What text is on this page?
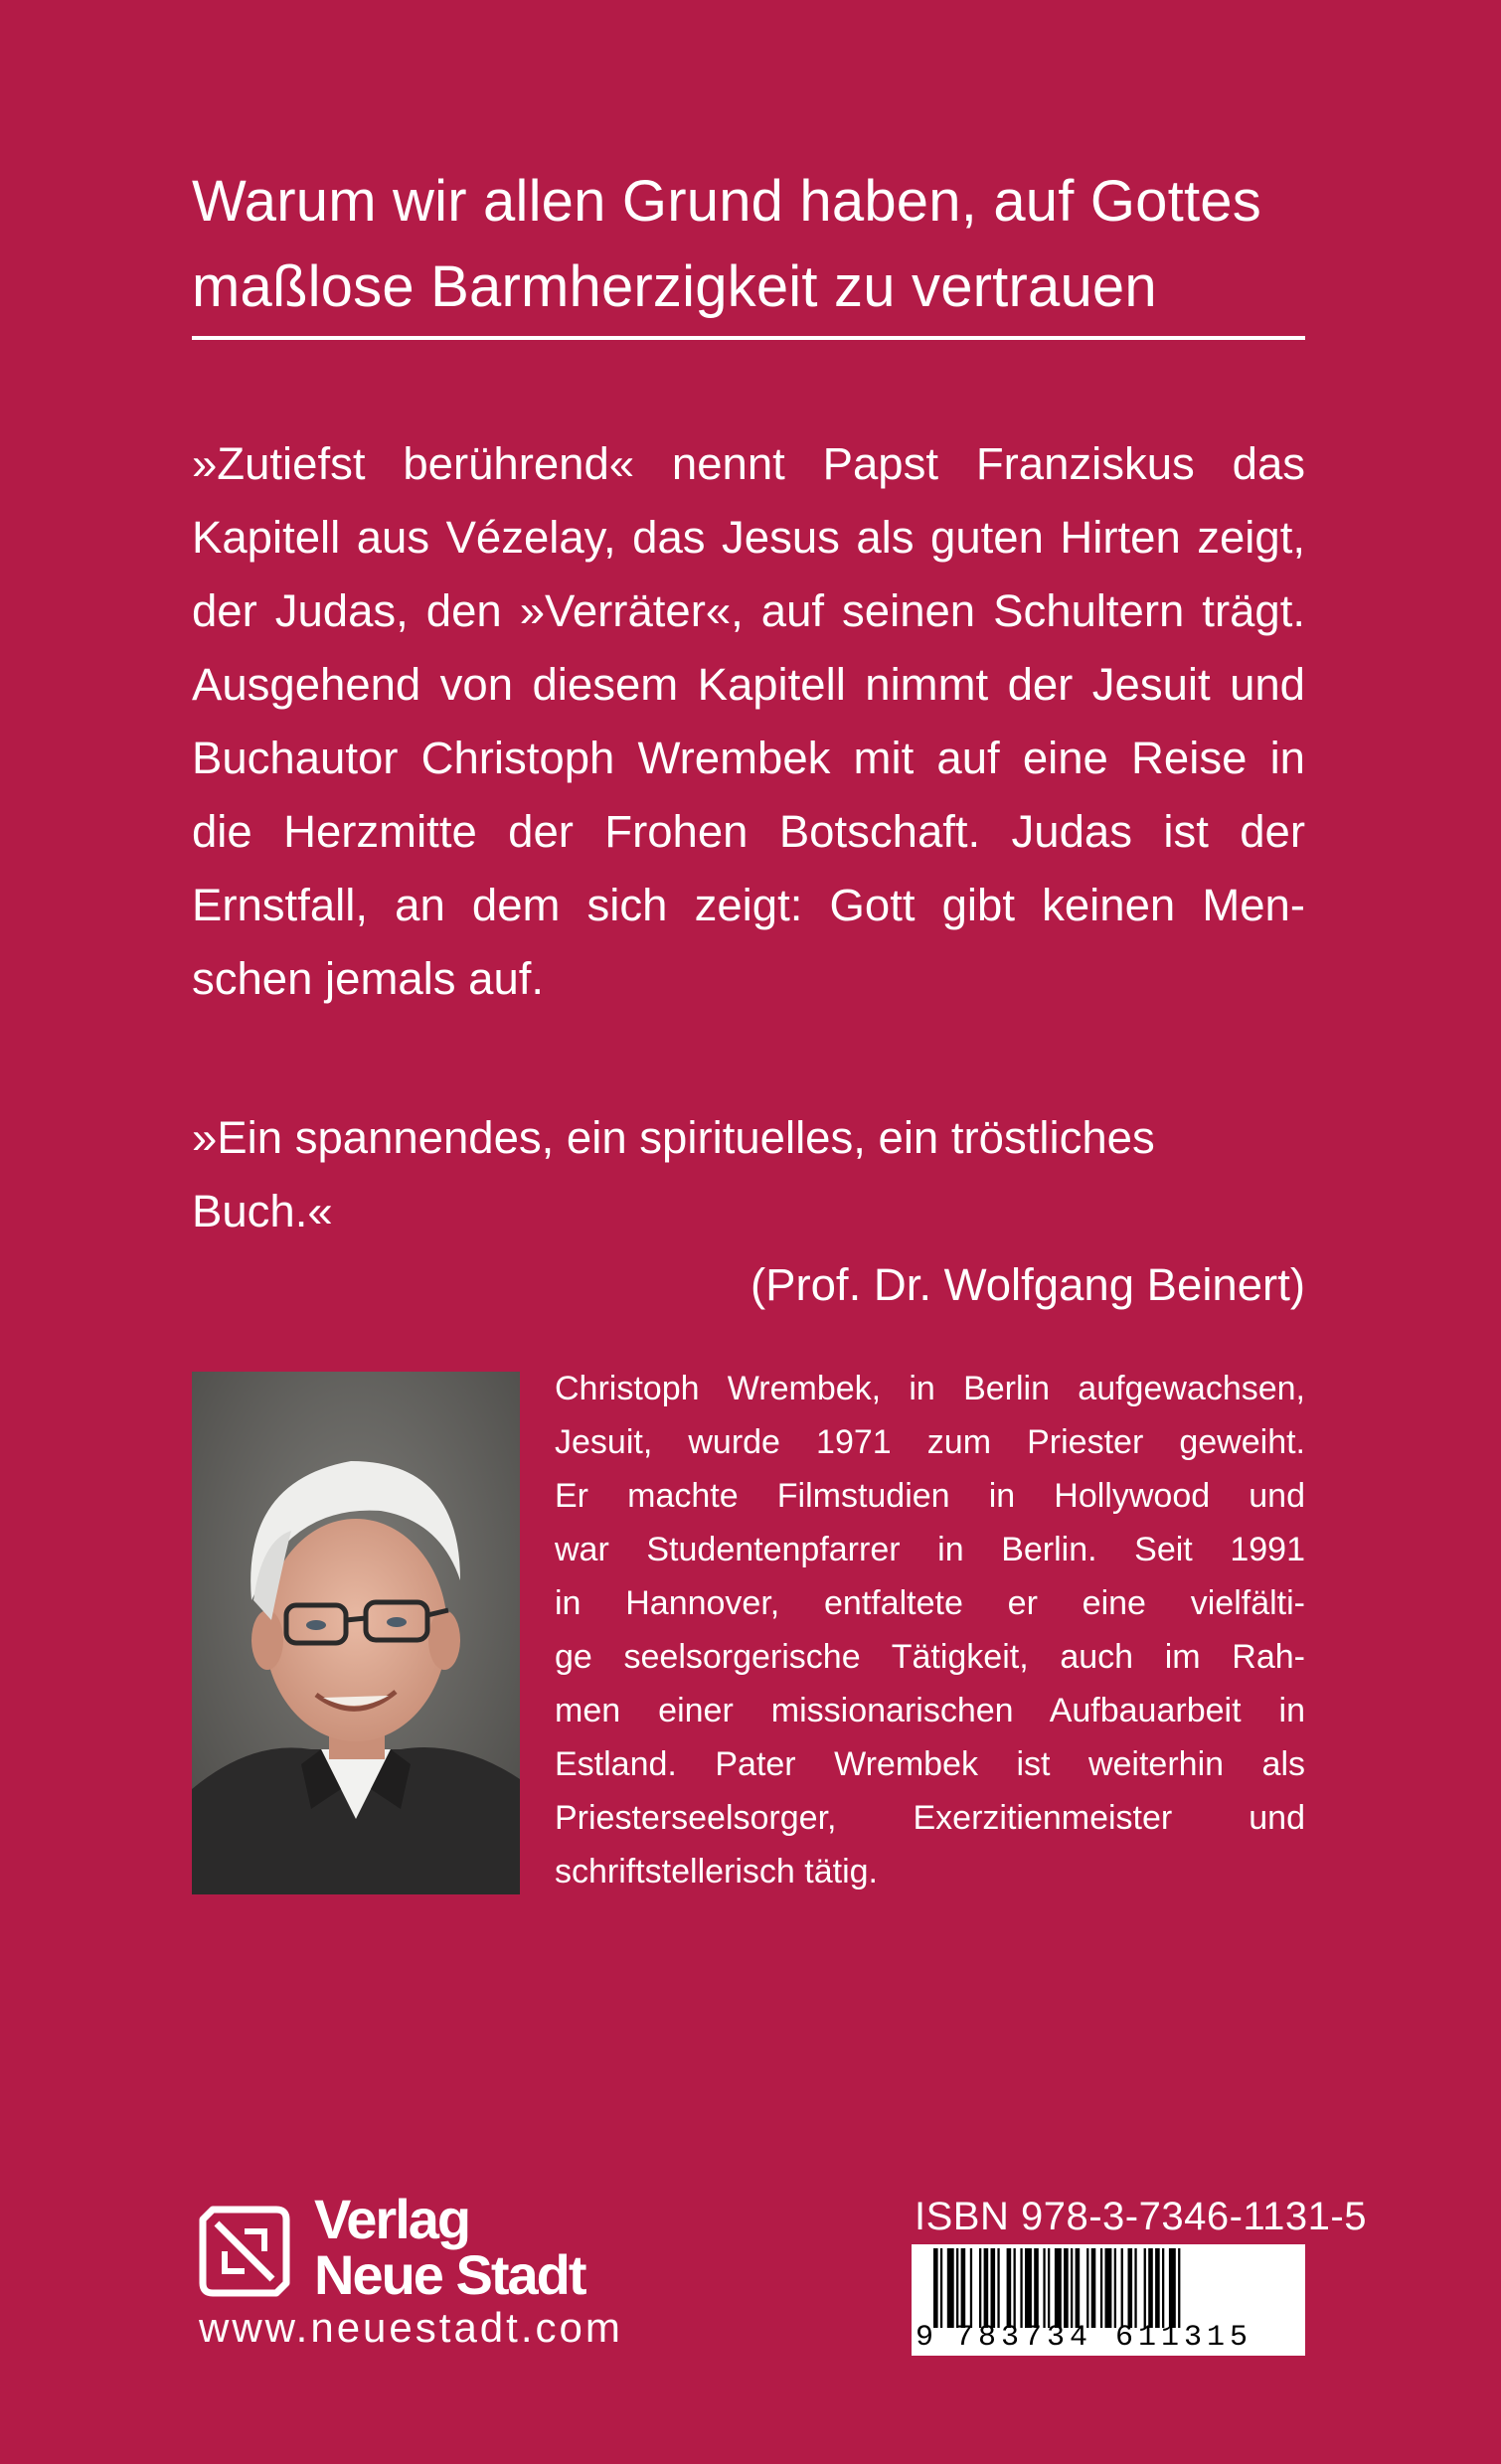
Warum wir allen Grund haben, auf Gottes
maßlose Barmherzigkeit zu vertrauen
»Zutiefst berührend« nennt Papst Franziskus das
Kapitell aus Vézelay, das Jesus als guten Hirten zeigt,
der Judas, den »Verräter«, auf seinen Schultern trägt.
Ausgehend von diesem Kapitell nimmt der Jesuit und
Buchautor Christoph Wrembek mit auf eine Reise in
die Herzmitte der Frohen Botschaft. Judas ist der
Ernstfall, an dem sich zeigt: Gott gibt keinen Men-
schen jemals auf.
»Ein spannendes, ein spirituelles, ein tröstliches Buch.«
(Prof. Dr. Wolfgang Beinert)
Christoph Wrembek, in Berlin aufgewachsen,
Jesuit, wurde 1971 zum Priester geweiht.
Er machte Filmstudien in Hollywood und
war Studentenpfarrer in Berlin. Seit 1991
in Hannover, entfaltete er eine vielfälti-
ge seelsorgerische Tätigkeit, auch im Rah-
men einer missionarischen Aufbauarbeit in
Estland. Pater Wrembek ist weiterhin als
Priesterseelsorger, Exerzitienmeister und
schriftstellerisch tätig.
Verlag
Neue Stadt
www.neuestadt.com
ISBN 978-3-7346-1131-5
9 783734 611315
